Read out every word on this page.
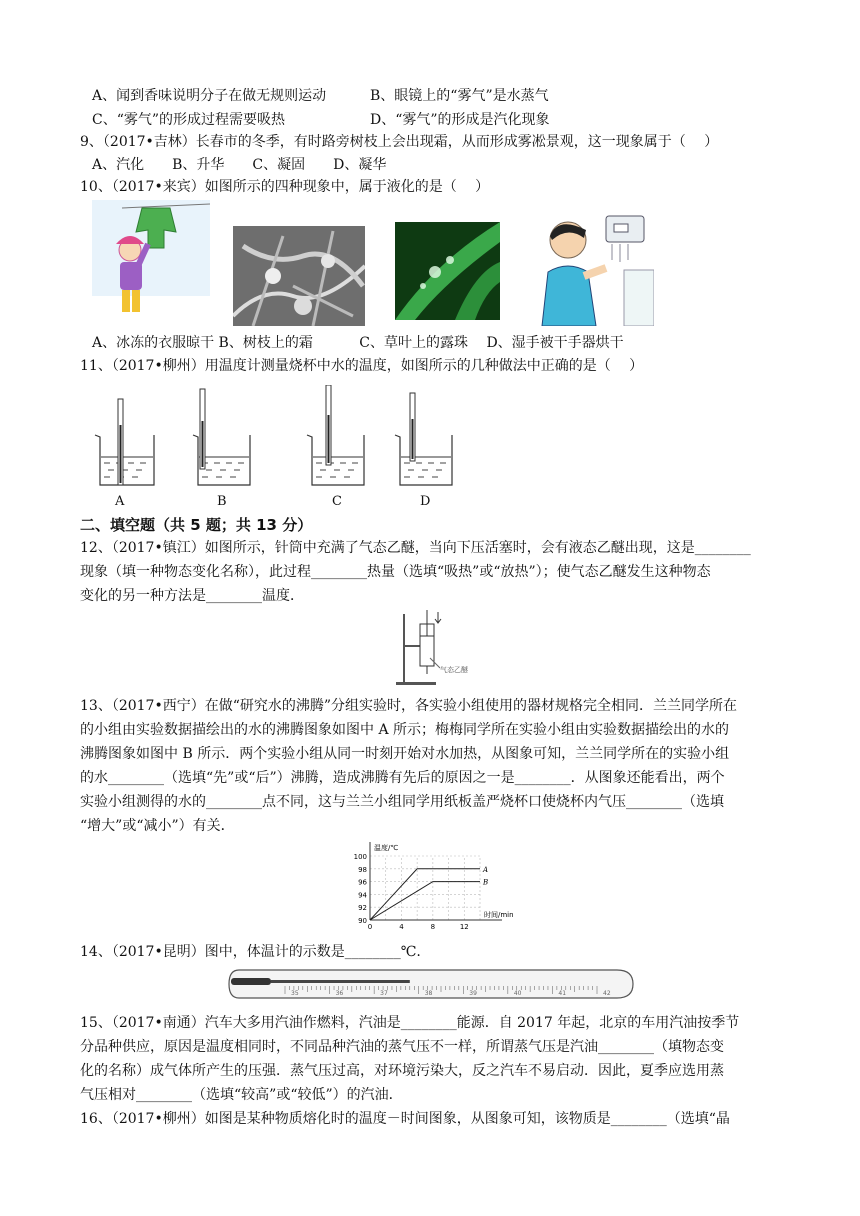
A、闻到香味说明分子在做无规则运动	B、眼镜上的“雾气”是水蒸气
C、“雾气”的形成过程需要吸热	D、“雾气”的形成是汽化现象
9、（2017•吉林）长春市的冬季，有时路旁树枝上会出现霜，从而形成雾凇景观，这一现象属于（　 ）
A、汽化　　B、升华　　C、凝固　　D、凝华
10、（2017•来宾）如图所示的四种现象中，属于液化的是（　 ）
A、冰冻的衣服晾干 B、树枝上的霜　　　 C、草叶上的露珠　 D、湿手被干手器烘干
11、（2017•柳州）用温度计测量烧杯中水的温度，如图所示的几种做法中正确的是（　 ）
A	B	C	D
二、填空题（共 5 题；共 13 分）
12、（2017•镇江）如图所示，针筒中充满了气态乙醚，当向下压活塞时，会有液态乙醚出现，这是________
现象（填一种物态变化名称），此过程________热量（选填“吸热”或“放热”）；使气态乙醚发生这种物态
变化的另一种方法是________温度．
气态乙醚
13、（2017•西宁）在做“研究水的沸腾”分组实验时，各实验小组使用的器材规格完全相同．兰兰同学所在
的小组由实验数据描绘出的水的沸腾图象如图中 A 所示；梅梅同学所在实验小组由实验数据描绘出的水的
沸腾图象如图中 B 所示．两个实验小组从同一时刻开始对水加热，从图象可知，兰兰同学所在的实验小组
的水________（选填“先”或“后”）沸腾，造成沸腾有先后的原因之一是________．从图象还能看出，两个
实验小组测得的水的________点不同，这与兰兰小组同学用纸板盖严烧杯口使烧杯内气压________（选填
“增大”或“减小”）有关．
90
92
94
96
98
100
0	4	8	12
温度/℃
时间/min
A
B
14、（2017•昆明）图中，体温计的示数是________℃.
35	36	37	38	39	40	41	42
15、（2017•南通）汽车大多用汽油作燃料，汽油是________能源．自 2017 年起，北京的车用汽油按季节
分品种供应，原因是温度相同时，不同品种汽油的蒸气压不一样，所谓蒸气压是汽油________（填物态变
化的名称）成气体所产生的压强．蒸气压过高，对环境污染大，反之汽车不易启动．因此，夏季应选用蒸
气压相对________（选填“较高”或“较低”）的汽油．
16、（2017•柳州）如图是某种物质熔化时的温度－时间图象，从图象可知，该物质是________（选填“晶
